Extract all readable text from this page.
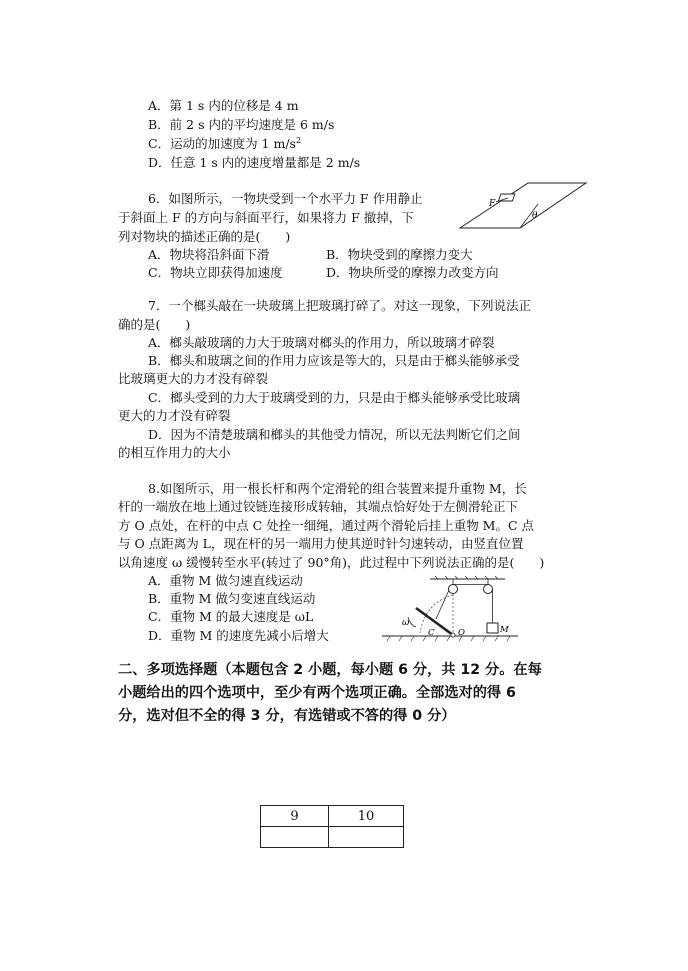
A．第 1 s 内的位移是 4 m
B．前 2 s 内的平均速度是 6 m/s
C．运动的加速度为 1 $m/s^2$
D．任意 1 s 内的速度增量都是 2 m/s
6．如图所示，一物块受到一个水平力 F 作用静止
于斜面上 F 的方向与斜面平行，如果将力 F 撤掉，下
列对物块的描述正确的是(　　)
A．物块将沿斜面下滑	B．物块受到的摩擦力变大
C．物块立即获得加速度	D．物块所受的摩擦力改变方向
F
θ
7．一个榔头敲在一块玻璃上把玻璃打碎了。对这一现象，下列说法正
确的是(　　)
A．榔头敲玻璃的力大于玻璃对榔头的作用力，所以玻璃才碎裂
B．榔头和玻璃之间的作用力应该是等大的，只是由于榔头能够承受
比玻璃更大的力才没有碎裂
C．榔头受到的力大于玻璃受到的力，只是由于榔头能够承受比玻璃
更大的力才没有碎裂
D．因为不清楚玻璃和榔头的其他受力情况，所以无法判断它们之间
的相互作用力的大小
8.如图所示，用一根长杆和两个定滑轮的组合装置来提升重物 M，长
杆的一端放在地上通过铰链连接形成转轴，其端点恰好处于左侧滑轮正下
方 O 点处，在杆的中点 C 处拴一细绳，通过两个滑轮后挂上重物 M。C 点
与 O 点距离为 L，现在杆的另一端用力使其逆时针匀速转动，由竖直位置
以角速度 ω 缓慢转至水平(转过了 90°角)，此过程中下列说法正确的是(　　)
A．重物 M 做匀速直线运动
B．重物 M 做匀变速直线运动
C．重物 M 的最大速度是 ωL
D．重物 M 的速度先减小后增大
ω
C	O	M
二、多项选择题（本题包含 2 小题，每小题 6 分，共 12 分。在每
小题给出的四个选项中，至少有两个选项正确。全部选对的得 6
分，选对但不全的得 3 分，有选错或不答的得 0 分）
9	10
